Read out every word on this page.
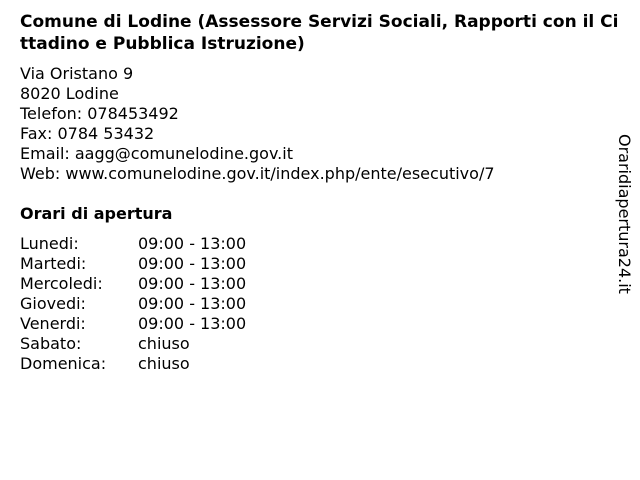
Comune di Lodine (Assessore Servizi Sociali, Rapporti con il Cittadino e Pubblica Istruzione)
Via Oristano 9
8020 Lodine
Telefon: 078453492
Fax: 0784 53432
Email: aagg@comunelodine.gov.it
Web: www.comunelodine.gov.it/index.php/ente/esecutivo/7
Orari di apertura
Lunedi:	09:00 - 13:00
Martedi:	09:00 - 13:00
Mercoledi: 09:00 - 13:00
Giovedi:	09:00 - 13:00
Venerdi:	09:00 - 13:00
Sabato:	chiuso
Domenica: chiuso
Oraridiapertura24.it
